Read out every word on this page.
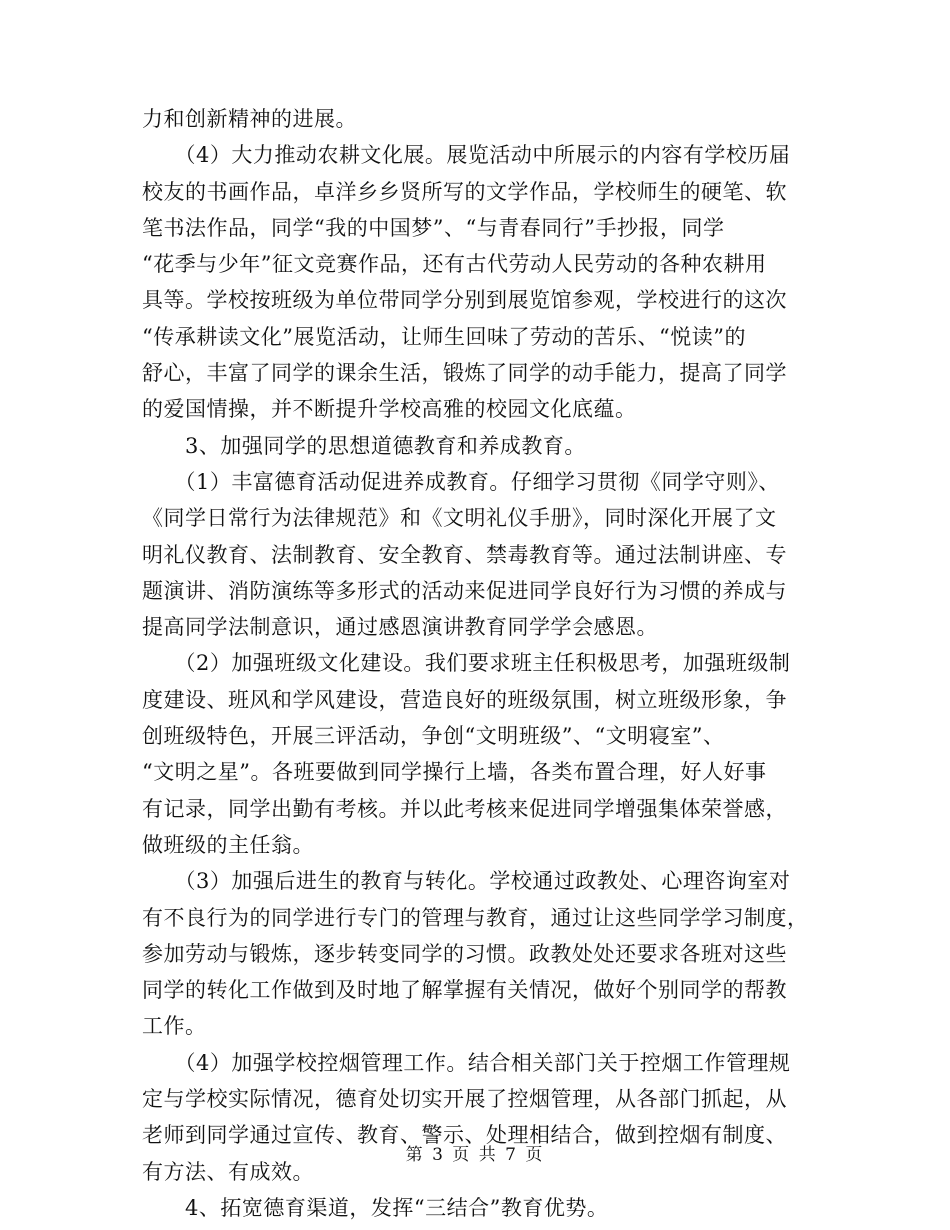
力和创新精神的进展。
　　（4）大力推动农耕文化展。展览活动中所展示的内容有学校历届
校友的书画作品，卓洋乡乡贤所写的文学作品，学校师生的硬笔、软
笔书法作品，同学“我的中国梦”、“与青春同行”手抄报，同学
“花季与少年”征文竞赛作品，还有古代劳动人民劳动的各种农耕用
具等。学校按班级为单位带同学分别到展览馆参观，学校进行的这次
“传承耕读文化”展览活动，让师生回味了劳动的苦乐、“悦读”的
舒心，丰富了同学的课余生活，锻炼了同学的动手能力，提高了同学
的爱国情操，并不断提升学校高雅的校园文化底蕴。
　　3、加强同学的思想道德教育和养成教育。
　　（1）丰富德育活动促进养成教育。仔细学习贯彻《同学守则》、
《同学日常行为法律规范》和《文明礼仪手册》，同时深化开展了文
明礼仪教育、法制教育、安全教育、禁毒教育等。通过法制讲座、专
题演讲、消防演练等多形式的活动来促进同学良好行为习惯的养成与
提高同学法制意识，通过感恩演讲教育同学学会感恩。
　　（2）加强班级文化建设。我们要求班主任积极思考，加强班级制
度建设、班风和学风建设，营造良好的班级氛围，树立班级形象，争
创班级特色，开展三评活动，争创“文明班级”、“文明寝室”、
“文明之星”。各班要做到同学操行上墙，各类布置合理，好人好事
有记录，同学出勤有考核。并以此考核来促进同学增强集体荣誉感，
做班级的主任翁。
　　（3）加强后进生的教育与转化。学校通过政教处、心理咨询室对
有不良行为的同学进行专门的管理与教育，通过让这些同学学习制度，
参加劳动与锻炼，逐步转变同学的习惯。政教处处还要求各班对这些
同学的转化工作做到及时地了解掌握有关情况，做好个别同学的帮教
工作。
　　（4）加强学校控烟管理工作。结合相关部门关于控烟工作管理规
定与学校实际情况，德育处切实开展了控烟管理，从各部门抓起，从
老师到同学通过宣传、教育、警示、处理相结合，做到控烟有制度、
有方法、有成效。
　　4、拓宽德育渠道，发挥“三结合”教育优势。
第 3 页 共 7 页
